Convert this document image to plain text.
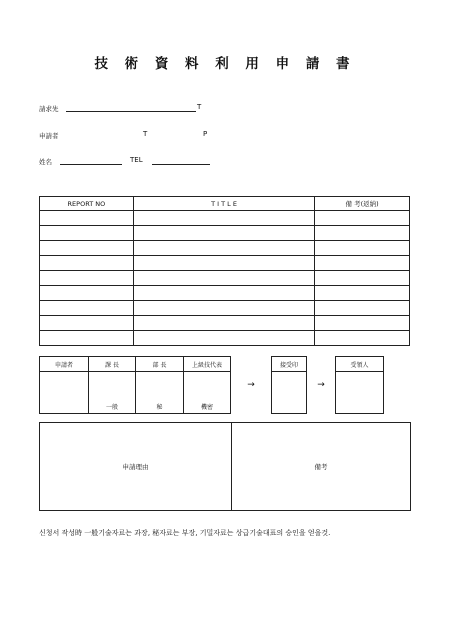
技 術 資 料 利 用 申 請 書
請求先	T
申請者	T	P
姓名	TEL
REPORT NO	T I T L E	備 考(返納)

申請者	課 長	部 長	上級技代表	→	接受印	→	受領人	
	一般	秘	機密					
申請理由	備考
신청서 작성時 一般기술자료는 과장, 秘자료는 부장, 기밀자료는 상급기술대표의 승인을 얻을것.
